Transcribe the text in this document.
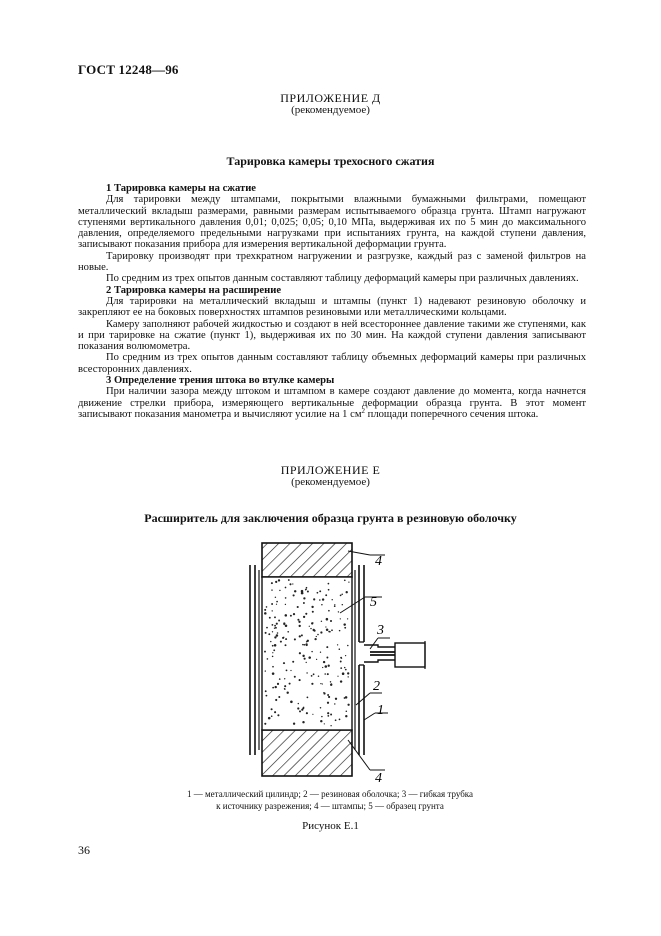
ГОСТ 12248—96
ПРИЛОЖЕНИЕ Д
(рекомендуемое)
Тарировка камеры трехосного сжатия

1 Тарировка камеры на сжатие

Для тарировки между штампами, покрытыми влажными бумажными фильтрами, помещают металлический вкладыш размерами, равными размерам испытываемого образца грунта. Штамп нагружают ступенями вертикального давления 0,01; 0,025; 0,05; 0,10 МПа, выдерживая их по 5 мин до максимального давления, определяемого предельными нагрузками при испытаниях грунта, на каждой ступени давления, записывают показания прибора для измерения вертикальной деформации грунта.

Тарировку производят при трехкратном нагружении и разгрузке, каждый раз с заменой фильтров на новые.

По средним из трех опытов данным составляют таблицу деформаций камеры при различных давлениях.

2 Тарировка камеры на расширение

Для тарировки на металлический вкладыш и штампы (пункт 1) надевают резиновую оболочку и закрепляют ее на боковых поверхностях штампов резиновыми или металлическими кольцами.

Камеру заполняют рабочей жидкостью и создают в ней всестороннее давление такими же ступенями, как и при тарировке на сжатие (пункт 1), выдерживая их по 30 мин. На каждой ступени давления записывают показания волюмометра.

По средним из трех опытов данным составляют таблицу объемных деформаций камеры при различных всесторонних давлениях.

3 Определение трения штока во втулке камеры

При наличии зазора между штоком и штампом в камере создают давление до момента, когда начнется движение стрелки прибора, измеряющего вертикальные деформации образца грунта. В этот момент записывают показания манометра и вычисляют усилие на 1 $см^2$ площади поперечного сечения штока.

ПРИЛОЖЕНИЕ Е
(рекомендуемое)
Расширитель для заключения образца грунта в резиновую оболочку
4
5
3
2
1
4
1 — металлический цилиндр; 2 — резиновая оболочка; 3 — гибкая трубка
к источнику разрежения; 4 — штампы; 5 — образец грунта
Рисунок Е.1
36
